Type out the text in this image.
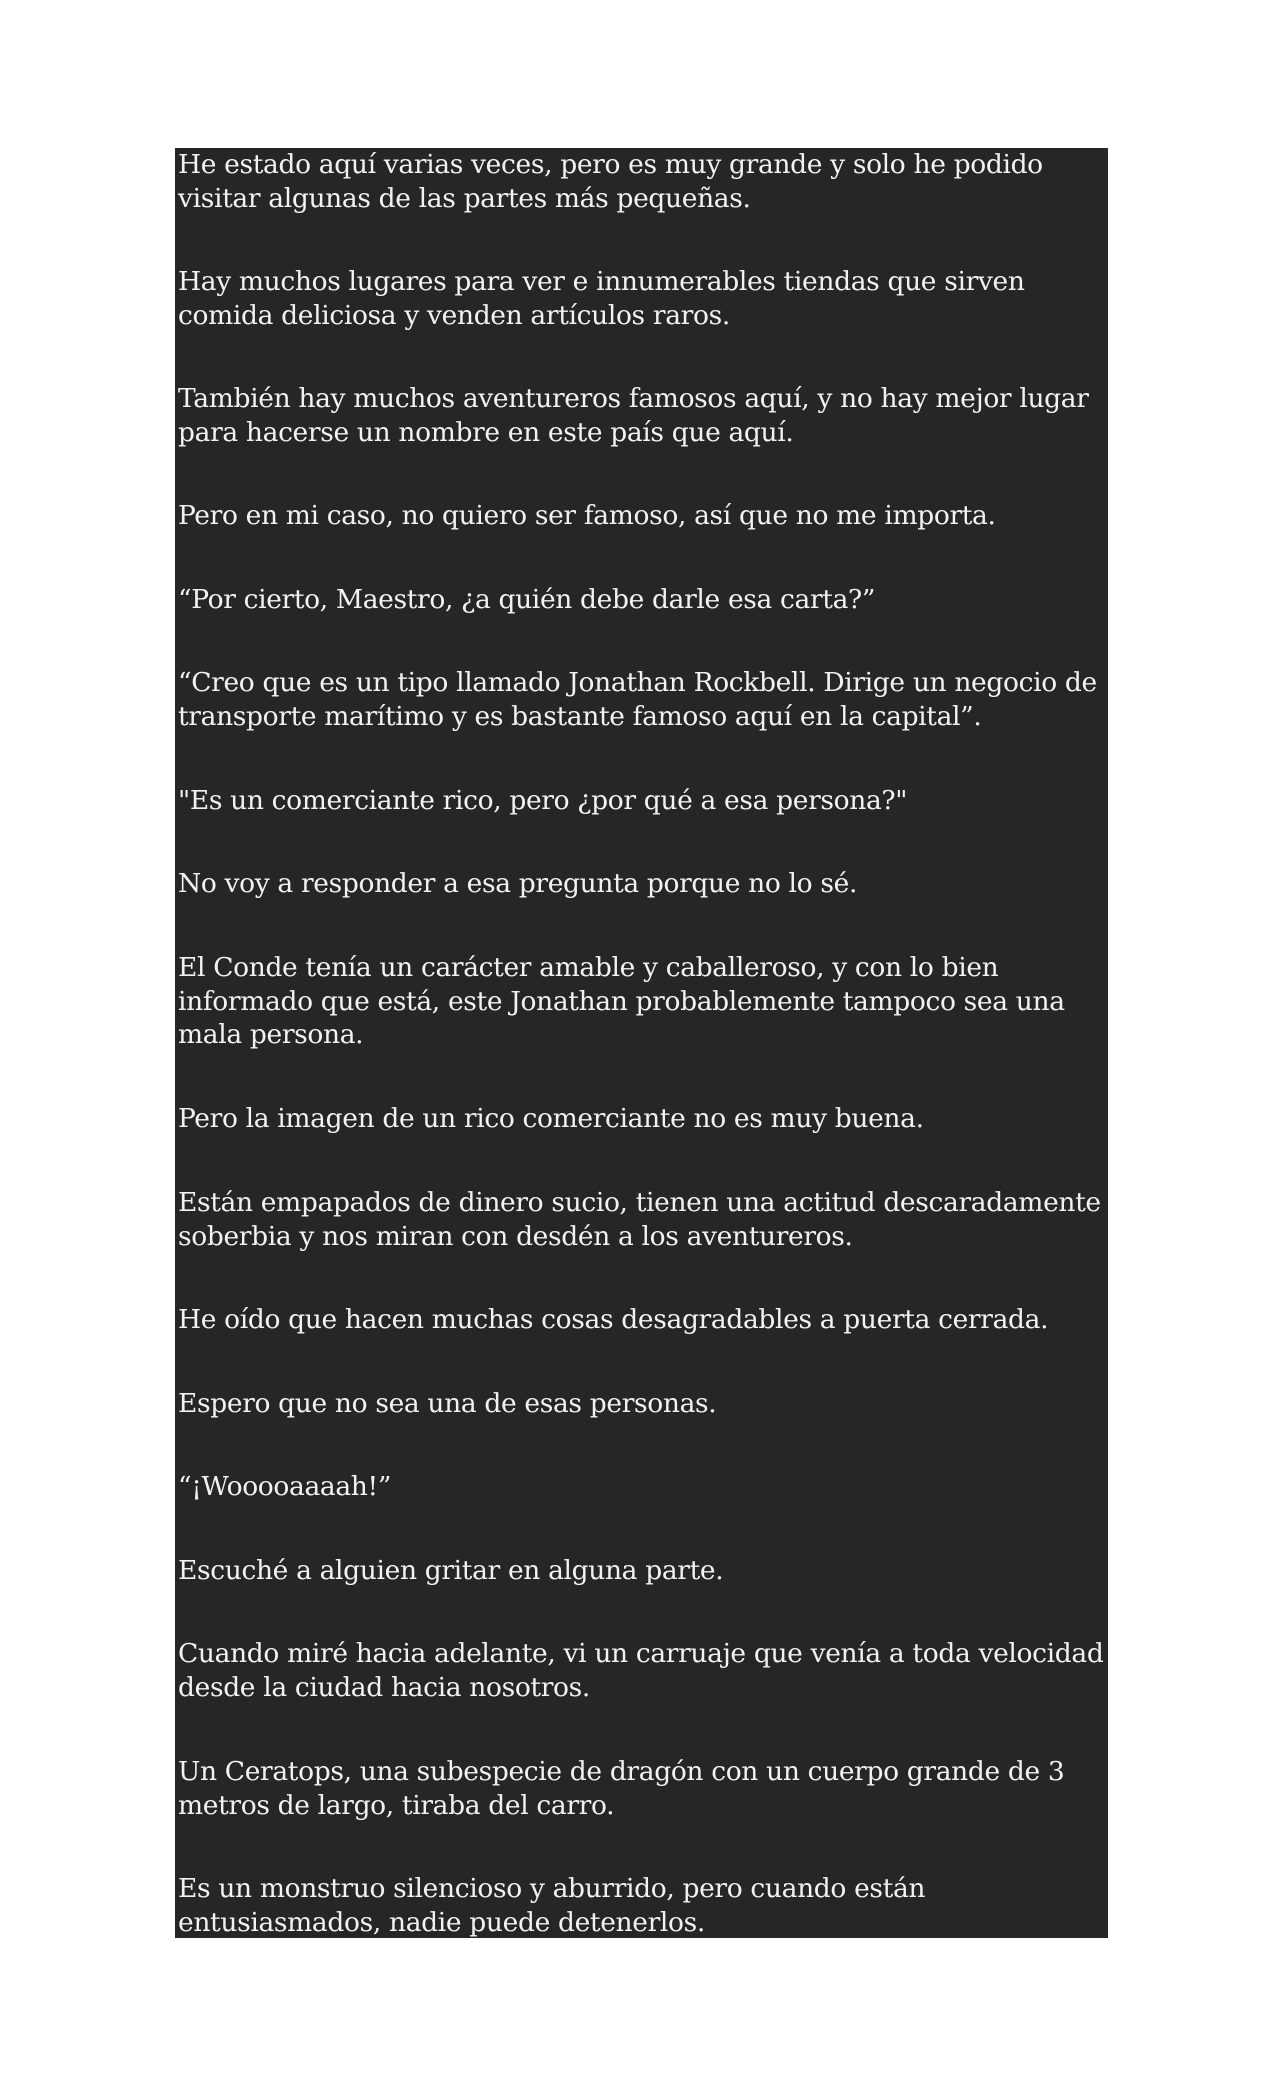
He estado aquí varias veces, pero es muy grande y solo he podido
visitar algunas de las partes más pequeñas.

Hay muchos lugares para ver e innumerables tiendas que sirven
comida deliciosa y venden artículos raros.

También hay muchos aventureros famosos aquí, y no hay mejor lugar
para hacerse un nombre en este país que aquí.

Pero en mi caso, no quiero ser famoso, así que no me importa.

“Por cierto, Maestro, ¿a quién debe darle esa carta?”

“Creo que es un tipo llamado Jonathan Rockbell. Dirige un negocio de
transporte marítimo y es bastante famoso aquí en la capital”.

"Es un comerciante rico, pero ¿por qué a esa persona?"

No voy a responder a esa pregunta porque no lo sé.

El Conde tenía un carácter amable y caballeroso, y con lo bien
informado que está, este Jonathan probablemente tampoco sea una
mala persona.

Pero la imagen de un rico comerciante no es muy buena.

Están empapados de dinero sucio, tienen una actitud descaradamente
soberbia y nos miran con desdén a los aventureros.

He oído que hacen muchas cosas desagradables a puerta cerrada.

Espero que no sea una de esas personas.

“¡Wooooaaaah!”

Escuché a alguien gritar en alguna parte.

Cuando miré hacia adelante, vi un carruaje que venía a toda velocidad
desde la ciudad hacia nosotros.

Un Ceratops, una subespecie de dragón con un cuerpo grande de 3
metros de largo, tiraba del carro.

Es un monstruo silencioso y aburrido, pero cuando están
entusiasmados, nadie puede detenerlos.
